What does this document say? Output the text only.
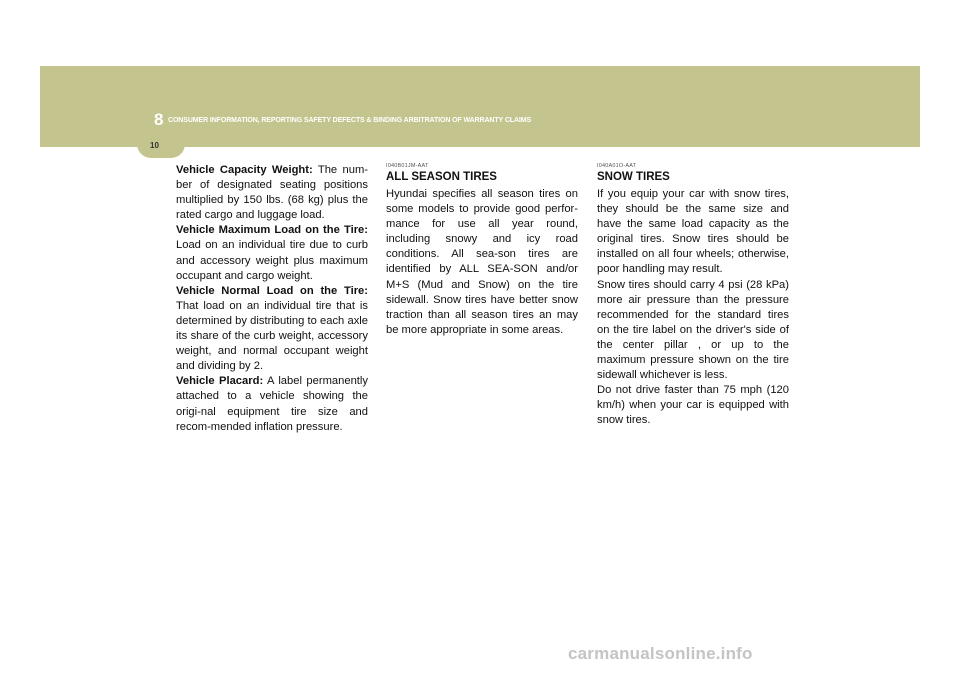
8 CONSUMER INFORMATION, REPORTING SAFETY DEFECTS & BINDING ARBITRATION OF WARRANTY CLAIMS
10
Vehicle Capacity Weight: The num-ber of designated seating positions multiplied by 150 lbs. (68 kg) plus the rated cargo and luggage load.
Vehicle Maximum Load on the Tire: Load on an individual tire due to curb and accessory weight plus maximum occupant and cargo weight.
Vehicle Normal Load on the Tire: That load on an individual tire that is determined by distributing to each axle its share of the curb weight, accessory weight, and normal occupant weight and dividing by 2.
Vehicle Placard: A label permanently attached to a vehicle showing the origi-nal equipment tire size and recom-mended inflation pressure.
I040B01JM-AAT
ALL SEASON TIRES
Hyundai specifies all season tires on some models to provide good perfor-mance for use all year round, including snowy and icy road conditions. All sea-son tires are identified by ALL SEA-SON and/or M+S (Mud and Snow) on the tire sidewall. Snow tires have better snow traction than all season tires an may be more appropriate in some areas.
I040A01O-AAT
SNOW TIRES
If you equip your car with snow tires, they should be the same size and have the same load capacity as the original tires. Snow tires should be installed on all four wheels; otherwise, poor handling may result.
Snow tires should carry 4 psi (28 kPa) more air pressure than the pressure recommended for the standard tires on the tire label on the driver's side of the center pillar , or up to the maximum pressure shown on the tire sidewall whichever is less.
Do not drive faster than 75 mph (120 km/h) when your car is equipped with snow tires.
carmanualsonline.info
